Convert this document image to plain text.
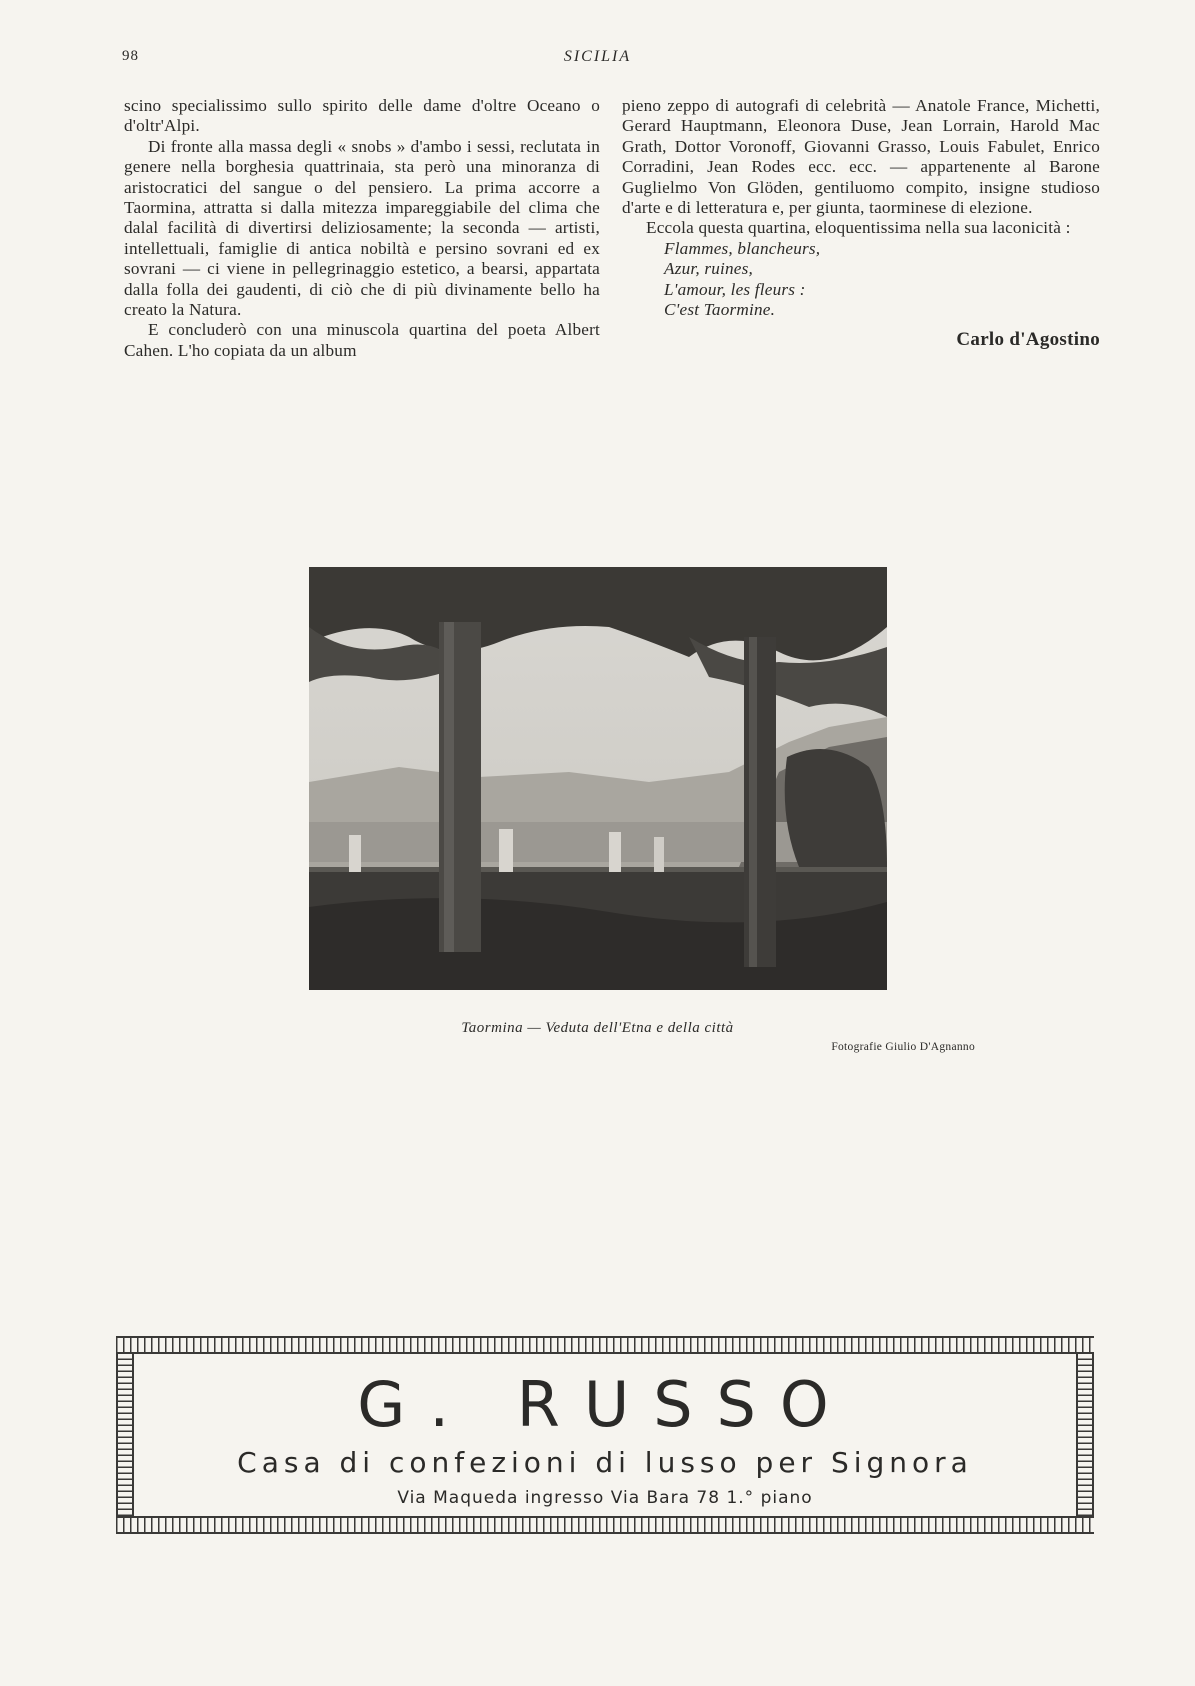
98	SICILIA

scino specialissimo sullo spirito delle dame d'oltre Oceano o d'oltr'Alpi.

Di fronte alla massa degli « snobs » d'ambo i sessi, reclutata in genere nella borghesia quattrinaia, sta però una minoranza di aristocratici del sangue o del pensiero. La prima accorre a Taormina, attratta si dalla mitezza impareggiabile del clima che dalal facilità di divertirsi deliziosamente; la seconda — artisti, intellettuali, famiglie di antica nobiltà e persino sovrani ed ex sovrani — ci viene in pellegrinaggio estetico, a bearsi, appartata dalla folla dei gaudenti, di ciò che di più divinamente bello ha creato la Natura.

E concluderò con una minuscola quartina del poeta Albert Cahen. L'ho copiata da un album

pieno zeppo di autografi di celebrità — Anatole France, Michetti, Gerard Hauptmann, Eleonora Duse, Jean Lorrain, Harold Mac Grath, Dottor Voronoff, Giovanni Grasso, Louis Fabulet, Enrico Corradini, Jean Rodes ecc. ecc. — appartenente al Barone Guglielmo Von Glöden, gentiluomo compito, insigne studioso d'arte e di letteratura e, per giunta, taorminese di elezione.

Eccola questa quartina, eloquentissima nella sua laconicità :

Flammes, blancheurs,
Azur, ruines,
L'amour, les fleurs :
C'est Taormine.
Carlo d'Agostino
Taormina — Veduta dell'Etna e della città
Fotografie Giulio D'Agnanno
G. RUSSO
Casa di confezioni di lusso per Signora
Via Maqueda ingresso Via Bara 78 1.° piano
